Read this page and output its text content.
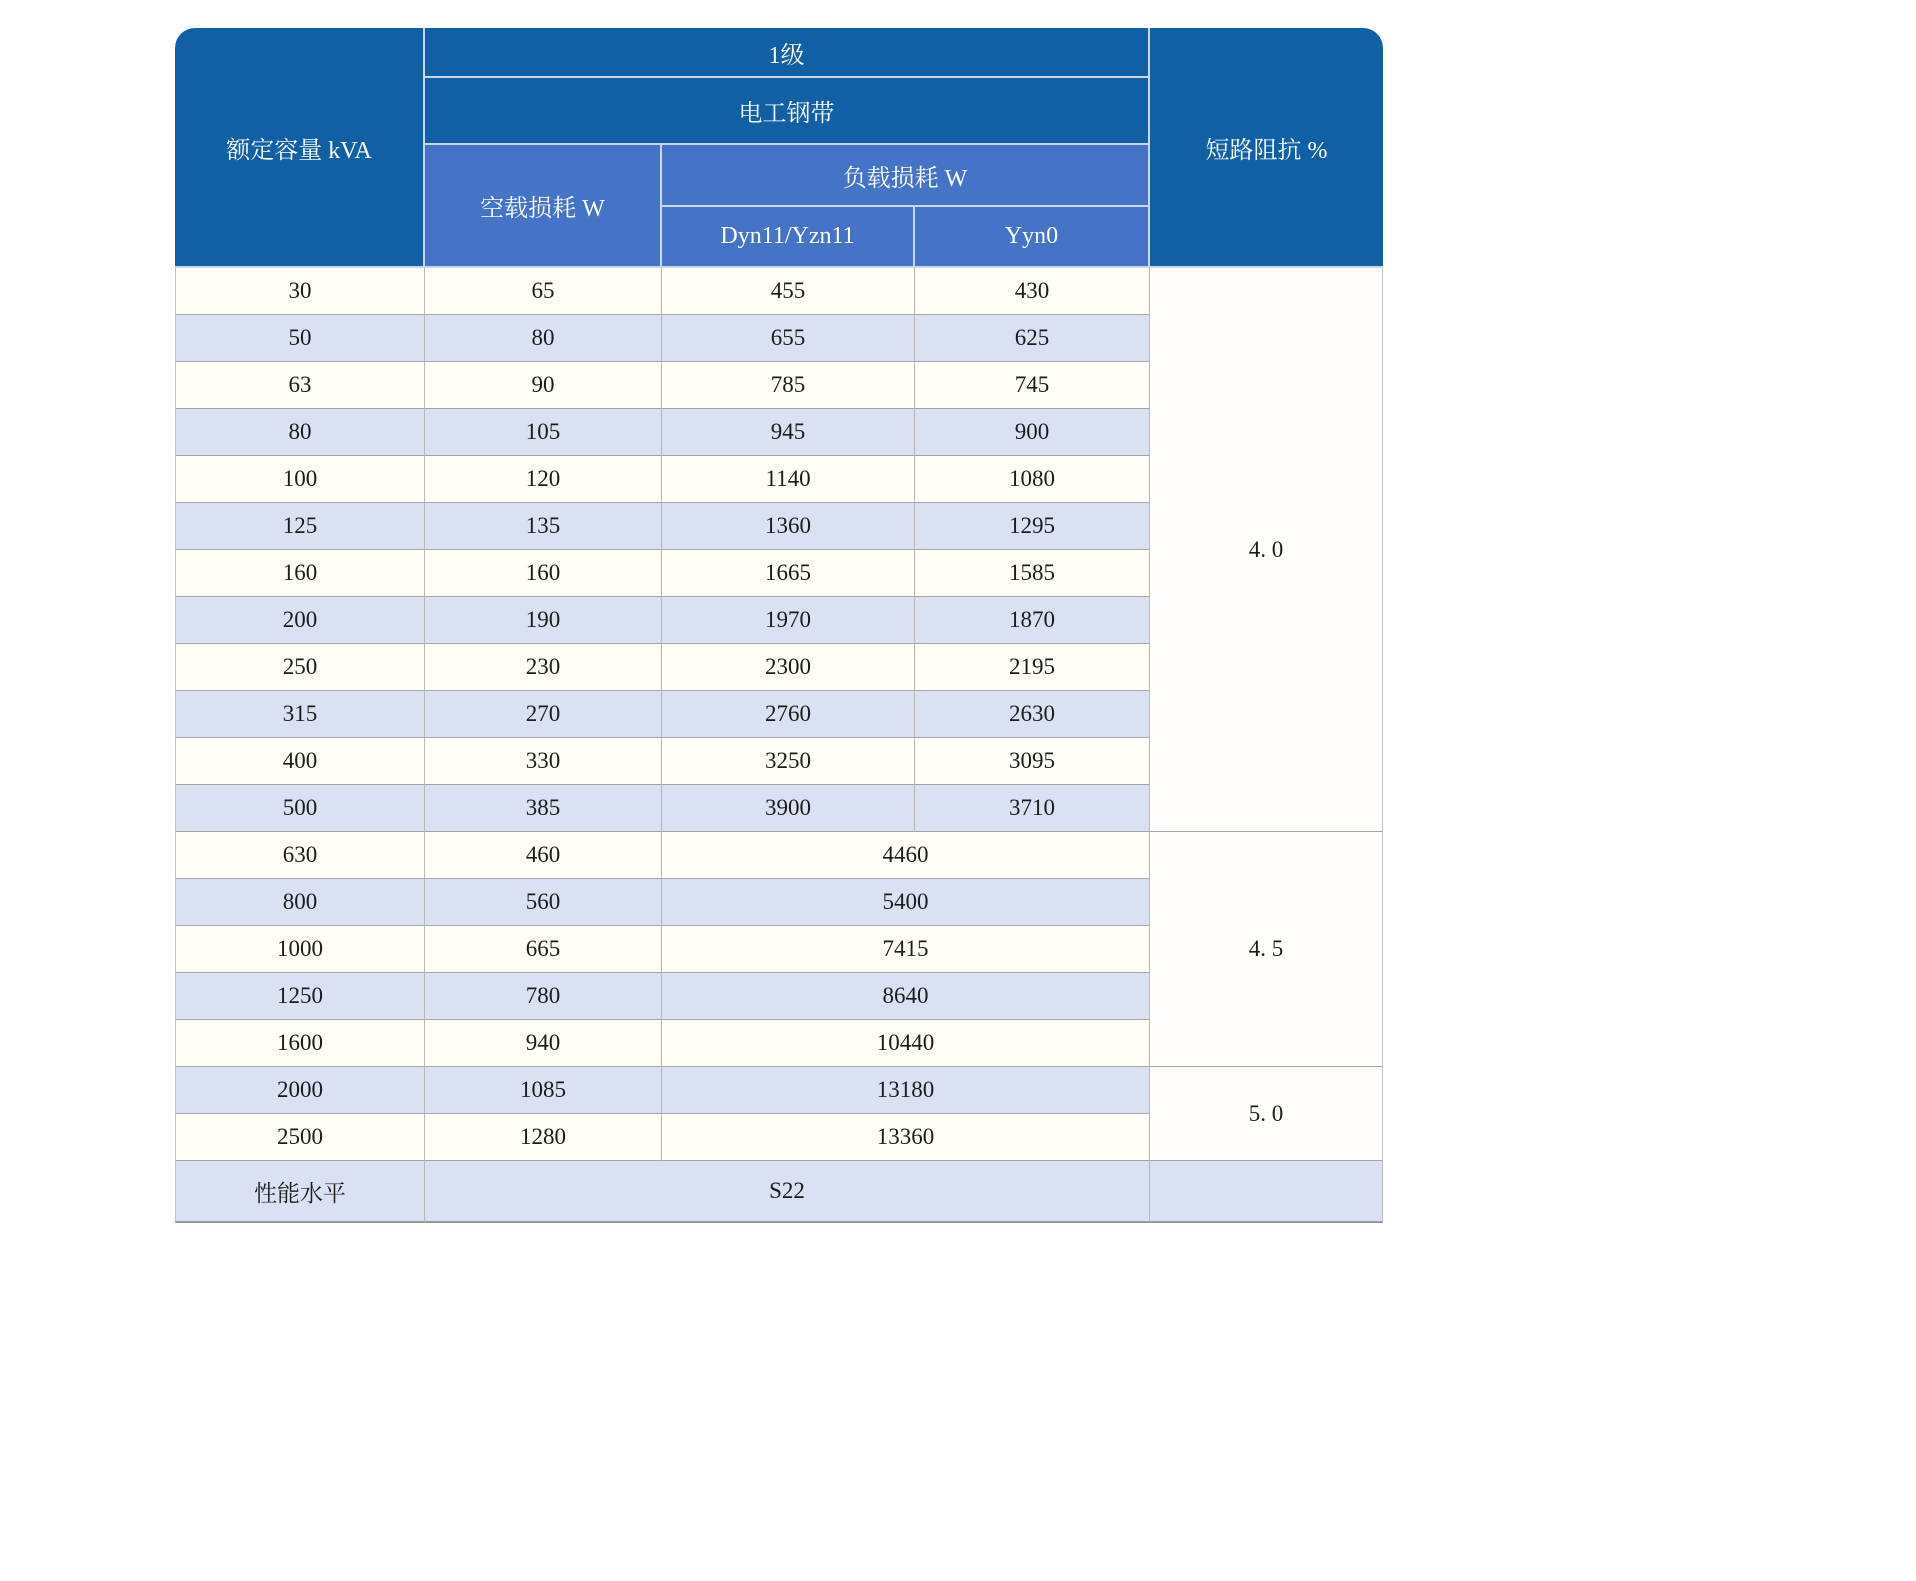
额定容量 kVA	1级			短路阻抗 %
	电工钢带			
	空载损耗 W	负载损耗 W		
		Dyn11/Yzn11	Yyn0	
30	65	455	430	4. 0
50	80	655	625	
63	90	785	745	
80	105	945	900	
100	120	1140	1080	
125	135	1360	1295	
160	160	1665	1585	
200	190	1970	1870	
250	230	2300	2195	
315	270	2760	2630	
400	330	3250	3095	
500	385	3900	3710	
630	460	4460		4. 5
800	560	5400		
1000	665	7415		
1250	780	8640		
1600	940	10440		
2000	1085	13180		5. 0
2500	1280	13360		
性能水平	S22			
